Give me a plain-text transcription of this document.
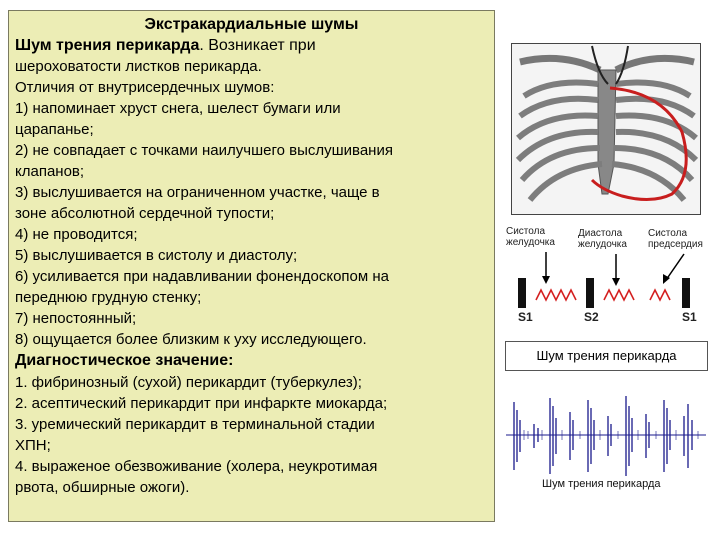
Экстракардиальные шумы

Шум трения перикарда. Возникает при

шероховатости листков перикарда.

Отличия от внутрисердечных шумов:

1) напоминает хруст снега, шелест бумаги или

царапанье;

2) не совпадает с точками наилучшего выслушивания

клапанов;

3) выслушивается на ограниченном участке, чаще в

зоне абсолютной сердечной тупости;

4) не проводится;

5) выслушивается в систолу и диастолу;

6) усиливается при надавливании фонендоскопом на

переднюю грудную стенку;

7) непостоянный;

8) ощущается более близким к уху исследующего.

Диагностическое значение:

1. фибринозный (сухой) перикардит (туберкулез);

2. асептический перикардит при инфаркте миокарда;

3. уремический перикардит в терминальной стадии

ХПН;

4. выраженое обезвоживание (холера, неукротимая

рвота, обширные ожоги).

Систола
желудочка
Диастола
желудочка
Систола
предсердия
S1	S2	S1
Шум трения перикарда
Шум трения перикарда
